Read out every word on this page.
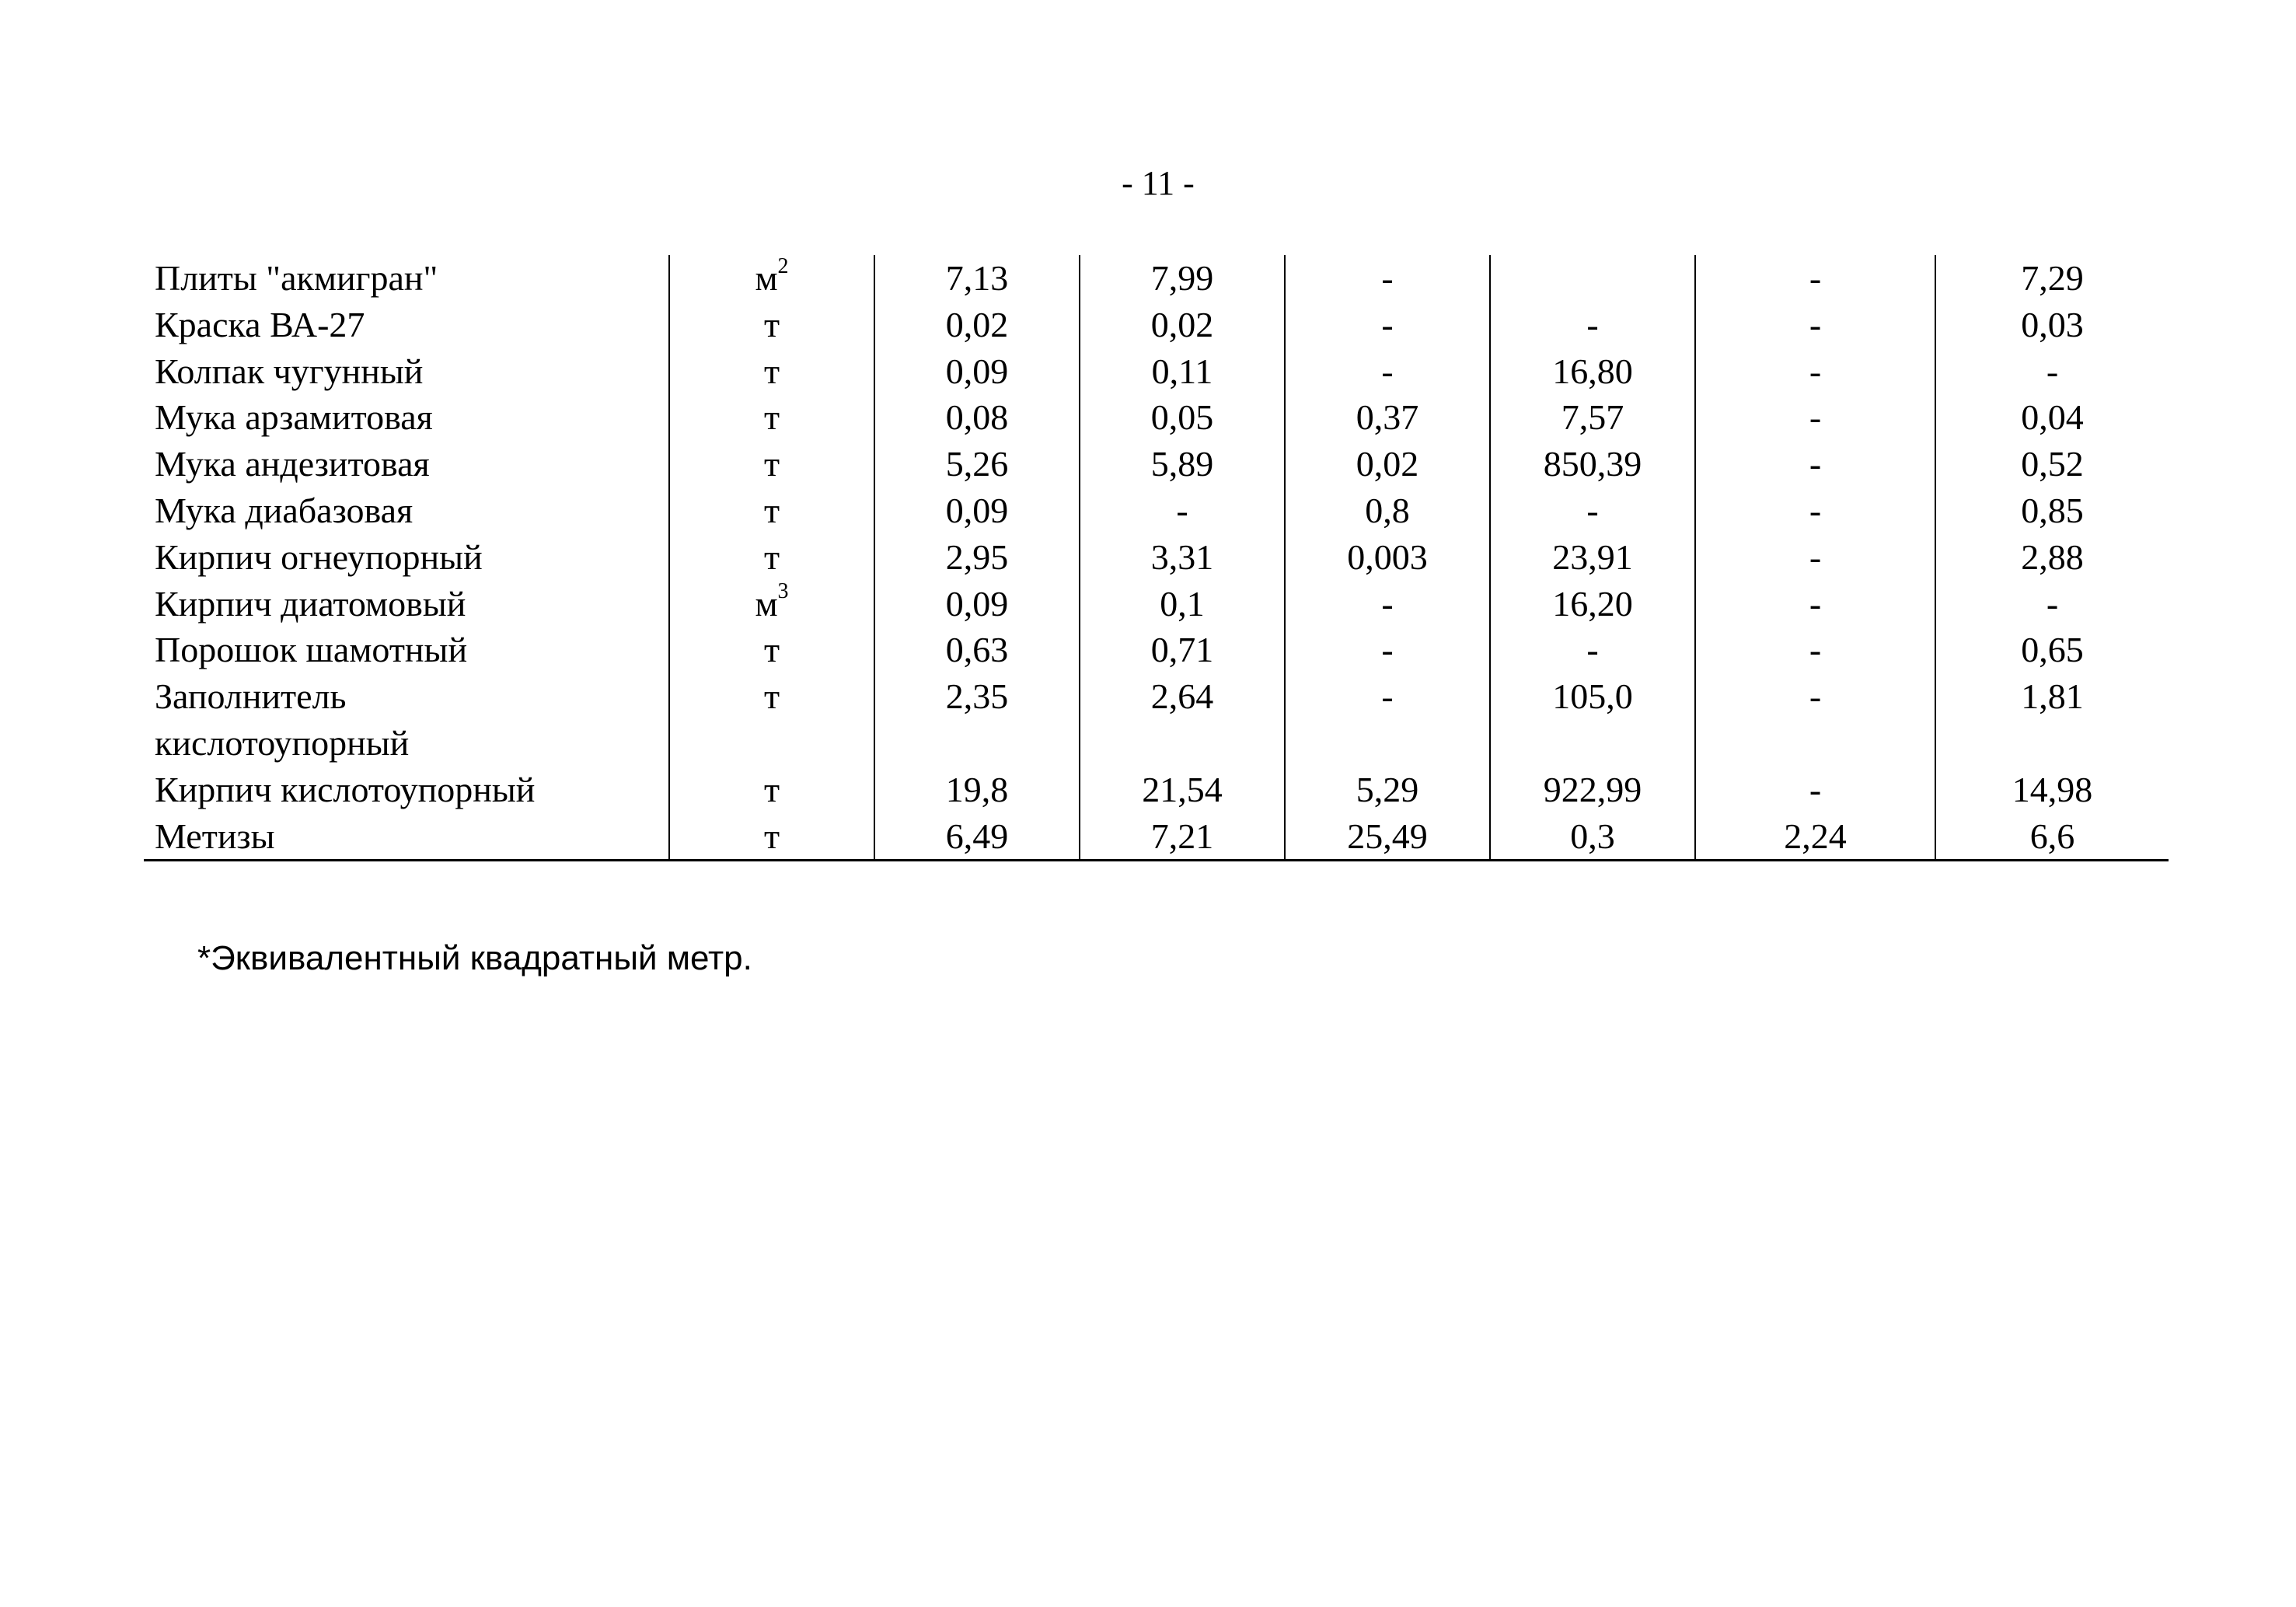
- 11 -
Плиты "акмигран"	$м^2$	7,13	7,99	-		-	7,29
Краска ВА-27	т	0,02	0,02	-	-	-	0,03
Колпак чугунный	т	0,09	0,11	-	16,80	-	-
Мука арзамитовая	т	0,08	0,05	0,37	7,57	-	0,04
Мука андезитовая	т	5,26	5,89	0,02	850,39	-	0,52
Мука диабазовая	т	0,09	-	0,8	-	-	0,85
Кирпич огнеупорный	т	2,95	3,31	0,003	23,91	-	2,88
Кирпич диатомовый	$м^3$	0,09	0,1	-	16,20	-	-
Порошок шамотный	т	0,63	0,71	-	-	-	0,65
Заполнитель	т	2,35	2,64	-	105,0	-	1,81
кислотоупорный							
Кирпич кислотоупорный	т	19,8	21,54	5,29	922,99	-	14,98
Метизы	т	6,49	7,21	25,49	0,3	2,24	6,6
*Эквивалентный квадратный метр.
